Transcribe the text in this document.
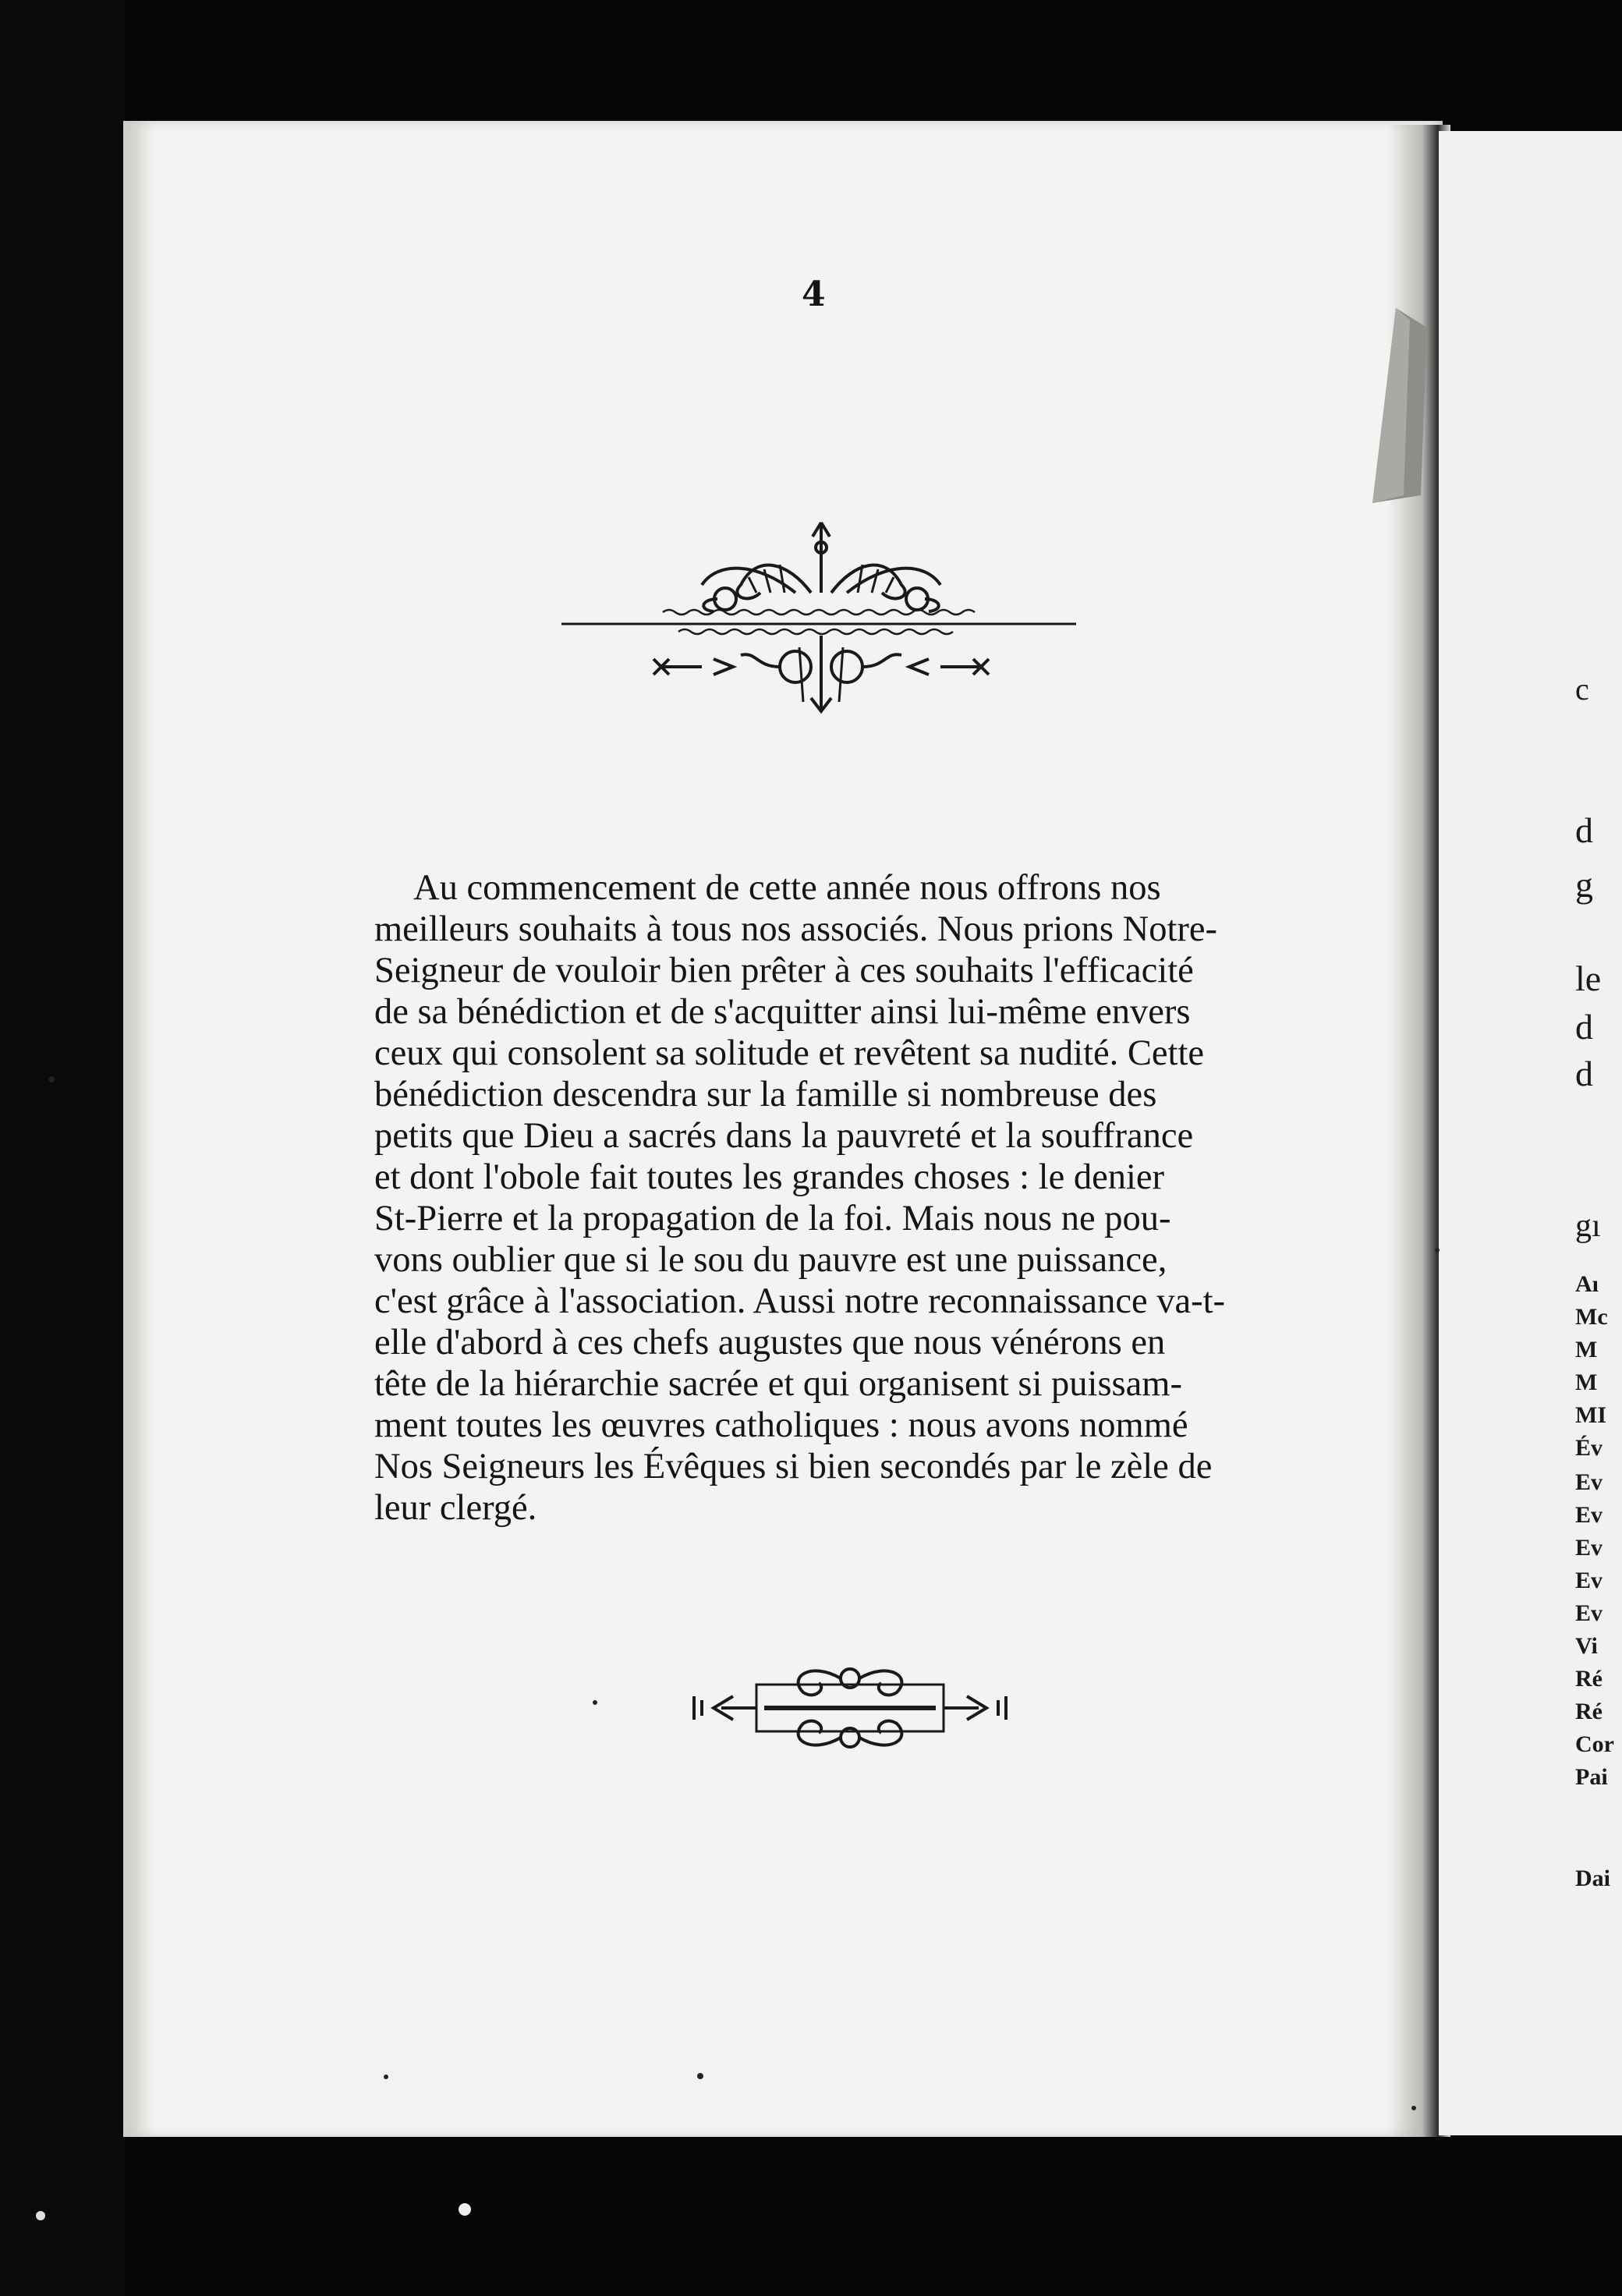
4

Au commencement de cette année nous offrons nos
meilleurs souhaits à tous nos associés. Nous prions Notre-
Seigneur de vouloir bien prêter à ces souhaits l'efficacité
de sa bénédiction et de s'acquitter ainsi lui-même envers
ceux qui consolent sa solitude et revêtent sa nudité. Cette
bénédiction descendra sur la famille si nombreuse des
petits que Dieu a sacrés dans la pauvreté et la souffrance
et dont l'obole fait toutes les grandes choses : le denier
St-Pierre et la propagation de la foi. Mais nous ne pou-
vons oublier que si le sou du pauvre est une puissance,
c'est grâce à l'association. Aussi notre reconnaissance va-t-
elle d'abord à ces chefs augustes que nous vénérons en
tête de la hiérarchie sacrée et qui organisent si puissam-
ment toutes les œuvres catholiques : nous avons nommé
Nos Seigneurs les Évêques si bien secondés par le zèle de
leur clergé.

c
d
g
le
d
d
gı
Aı
Mc
M
M
MI
Év
Ev
Ev
Ev
Ev
Ev
Vi
Ré
Ré
Cor
Pai
Dai
